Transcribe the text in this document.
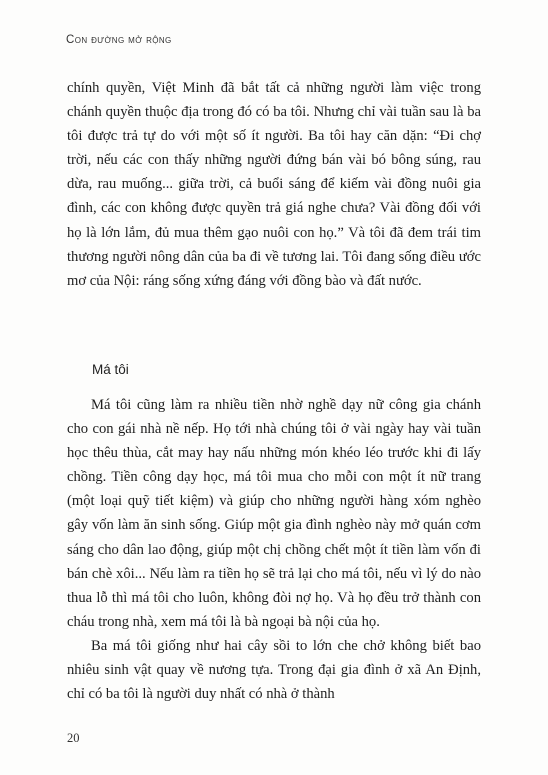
Con đường mở rộng

chính quyền, Việt Minh đã bắt tất cả những người làm việc trong chánh quyền thuộc địa trong đó có ba tôi. Nhưng chỉ vài tuần sau là ba tôi được trả tự do với một số ít người. Ba tôi hay căn dặn: “Đi chợ trời, nếu các con thấy những người đứng bán vài bó bông súng, rau dừa, rau muống... giữa trời, cả buổi sáng để kiếm vài đồng nuôi gia đình, các con không được quyền trả giá nghe chưa? Vài đồng đối với họ là lớn lắm, đủ mua thêm gạo nuôi con họ.” Và tôi đã đem trái tim thương người nông dân của ba đi về tương lai. Tôi đang sống điều ước mơ của Nội: ráng sống xứng đáng với đồng bào và đất nước.

Má tôi

Má tôi cũng làm ra nhiều tiền nhờ nghề dạy nữ công gia chánh cho con gái nhà nề nếp. Họ tới nhà chúng tôi ở vài ngày hay vài tuần học thêu thùa, cắt may hay nấu những món khéo léo trước khi đi lấy chồng. Tiền công dạy học, má tôi mua cho mỗi con một ít nữ trang (một loại quỹ tiết kiệm) và giúp cho những người hàng xóm nghèo gây vốn làm ăn sinh sống. Giúp một gia đình nghèo này mở quán cơm sáng cho dân lao động, giúp một chị chồng chết một ít tiền làm vốn đi bán chè xôi... Nếu làm ra tiền họ sẽ trả lại cho má tôi, nếu vì lý do nào thua lỗ thì má tôi cho luôn, không đòi nợ họ. Và họ đều trở thành con cháu trong nhà, xem má tôi là bà ngoại bà nội của họ.

Ba má tôi giống như hai cây sồi to lớn che chở không biết bao nhiêu sinh vật quay về nương tựa. Trong đại gia đình ở xã An Định, chỉ có ba tôi là người duy nhất có nhà ở thành

20
